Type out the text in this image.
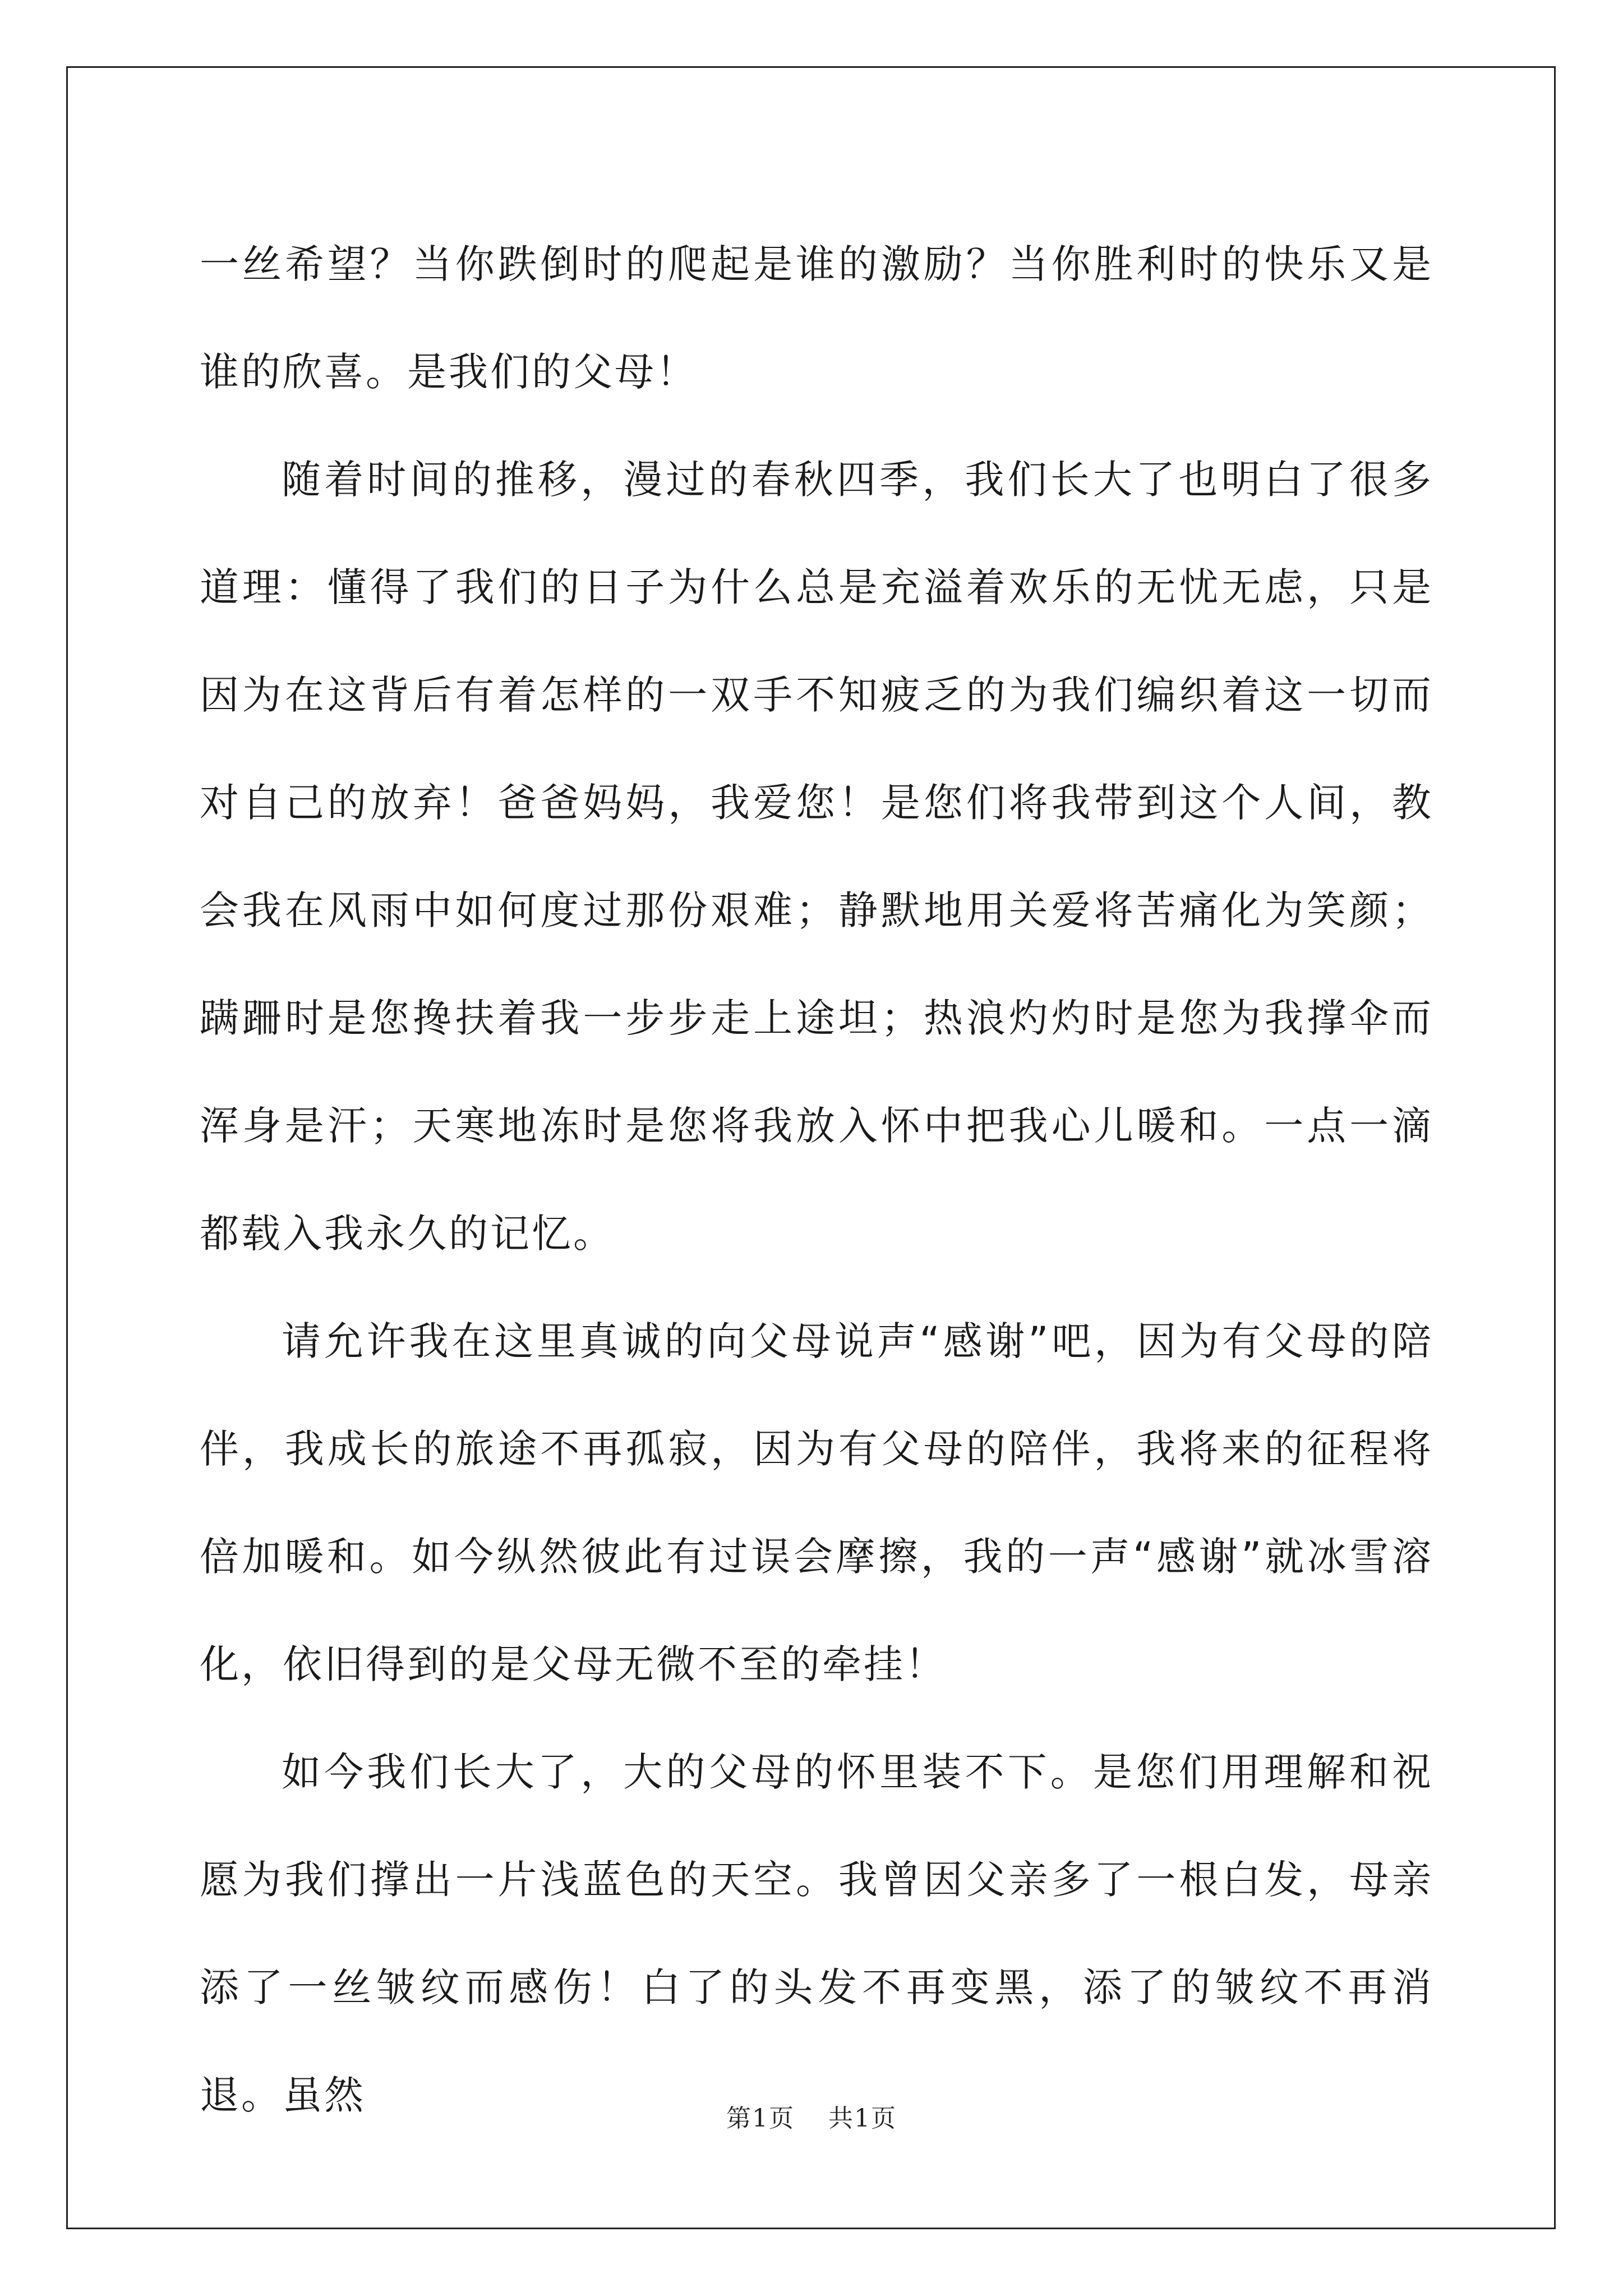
一丝希望？当你跌倒时的爬起是谁的激励？当你胜利时的快乐又是谁的欣喜。是我们的父母！

随着时间的推移，漫过的春秋四季，我们长大了也明白了很多道理：懂得了我们的日子为什么总是充溢着欢乐的无忧无虑，只是因为在这背后有着怎样的一双手不知疲乏的为我们编织着这一切而对自己的放弃！爸爸妈妈，我爱您！是您们将我带到这个人间，教会我在风雨中如何度过那份艰难；静默地用关爱将苦痛化为笑颜；蹒跚时是您搀扶着我一步步走上途坦；热浪灼灼时是您为我撑伞而浑身是汗；天寒地冻时是您将我放入怀中把我心儿暖和。一点一滴都载入我永久的记忆。

请允许我在这里真诚的向父母说声“感谢”吧，因为有父母的陪伴，我成长的旅途不再孤寂，因为有父母的陪伴，我将来的征程将倍加暖和。如今纵然彼此有过误会摩擦，我的一声“感谢”就冰雪溶化，依旧得到的是父母无微不至的牵挂！

如今我们长大了，大的父母的怀里装不下。是您们用理解和祝愿为我们撑出一片浅蓝色的天空。我曾因父亲多了一根白发，母亲添了一丝皱纹而感伤！白了的头发不再变黑，添了的皱纹不再消退。虽然

第1页 共1页
